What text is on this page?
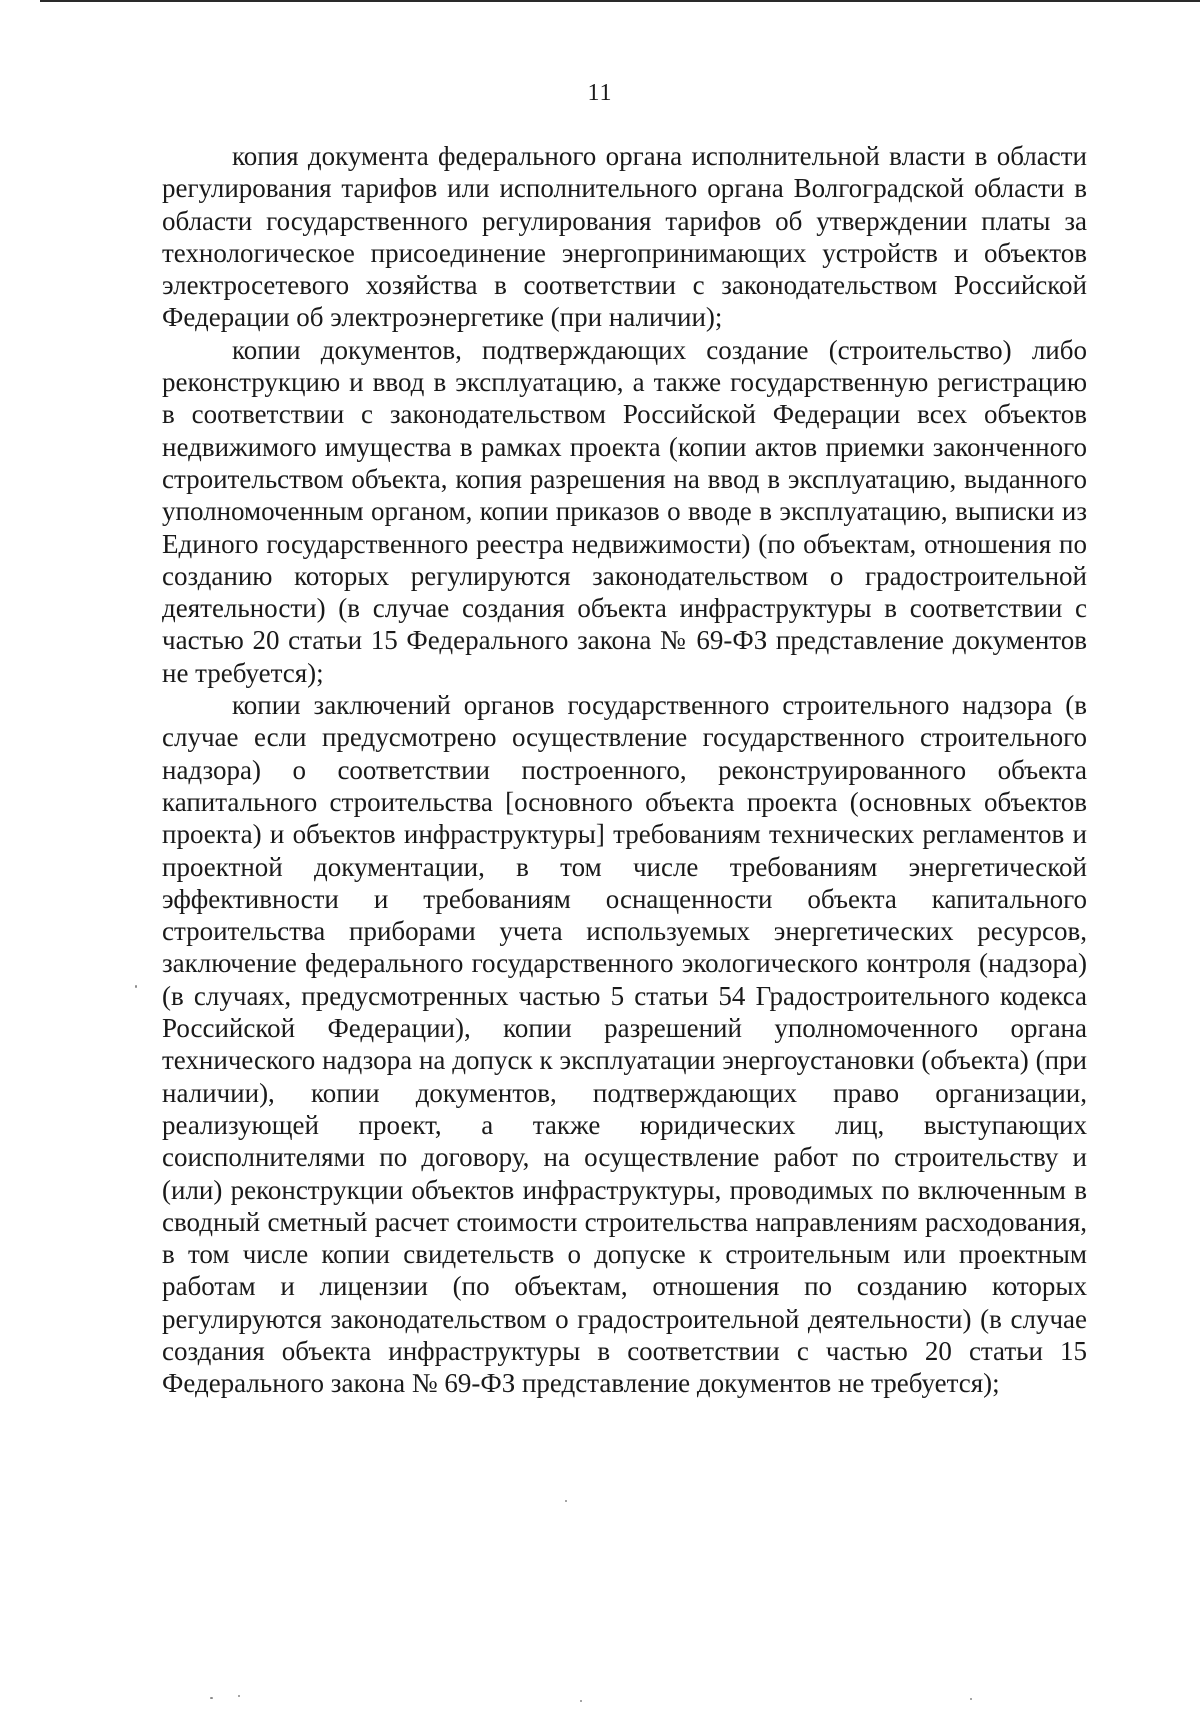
11

копия документа федерального органа исполнительной власти в области регулирования тарифов или исполнительного органа Волгоградской области в области государственного регулирования тарифов об утверждении платы за технологическое присоединение энергопринимающих устройств и объектов электросетевого хозяйства в соответствии с законодательством Российской Федерации об электроэнергетике (при наличии);

копии документов, подтверждающих создание (строительство) либо реконструкцию и ввод в эксплуатацию, а также государственную регистрацию в соответствии с законодательством Российской Федерации всех объектов недвижимого имущества в рамках проекта (копии актов приемки законченного строительством объекта, копия разрешения на ввод в эксплуатацию, выданного уполномоченным органом, копии приказов о вводе в эксплуатацию, выписки из Единого государственного реестра недвижимости) (по объектам, отношения по созданию которых регулируются законодательством о градостроительной деятельности) (в случае создания объекта инфраструктуры в соответствии с частью 20 статьи 15 Федерального закона № 69-ФЗ представление документов не требуется);

копии заключений органов государственного строительного надзора (в случае если предусмотрено осуществление государственного строительного надзора) о соответствии построенного, реконструированного объекта капитального строительства [основного объекта проекта (основных объектов проекта) и объектов инфраструктуры] требованиям технических регламентов и проектной документации, в том числе требованиям энергетической эффективности и требованиям оснащенности объекта капитального строительства приборами учета используемых энергетических ресурсов, заключение федерального государственного экологического контроля (надзора) (в случаях, предусмотренных частью 5 статьи 54 Градостроительного кодекса Российской Федерации), копии разрешений уполномоченного органа технического надзора на допуск к эксплуатации энергоустановки (объекта) (при наличии), копии документов, подтверждающих право организации, реализующей проект, а также юридических лиц, выступающих соисполнителями по договору, на осуществление работ по строительству и (или) реконструкции объектов инфраструктуры, проводимых по включенным в сводный сметный расчет стоимости строительства направлениям расходования, в том числе копии свидетельств о допуске к строительным или проектным работам и лицензии (по объектам, отношения по созданию которых регулируются законодательством о градостроительной деятельности) (в случае создания объекта инфраструктуры в соответствии с частью 20 статьи 15 Федерального закона № 69-ФЗ представление документов не требуется);
